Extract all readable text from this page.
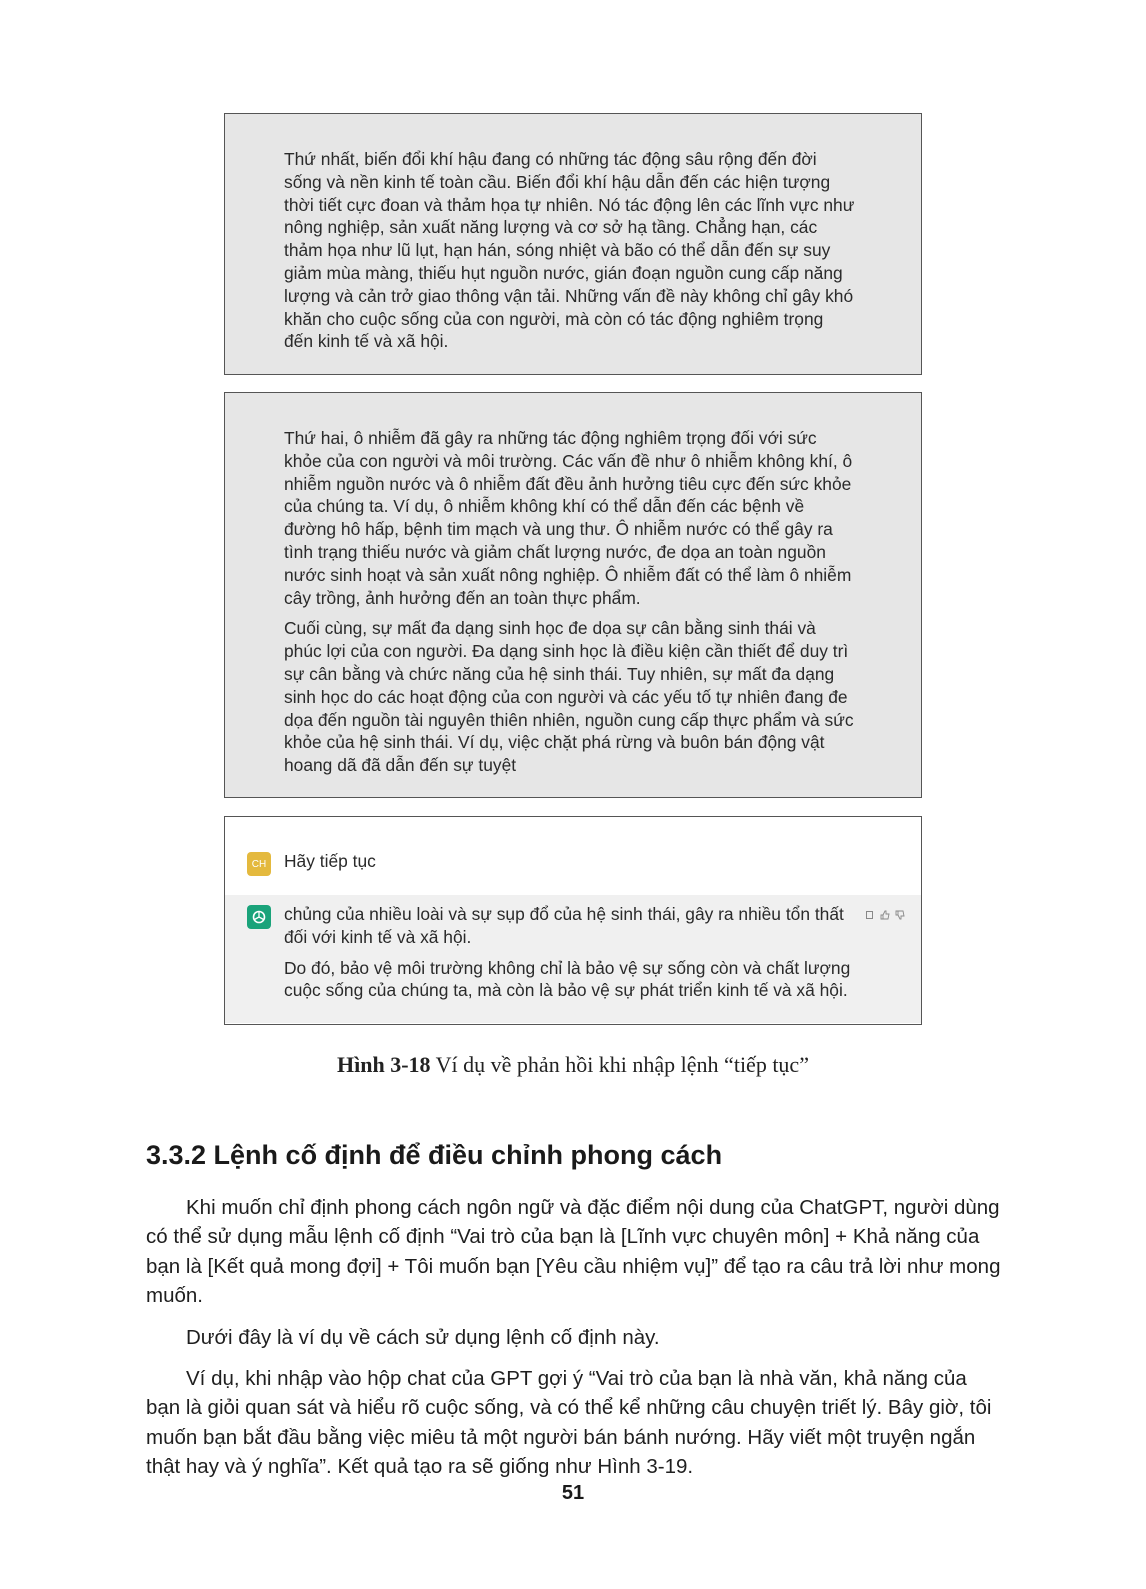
Thứ nhất, biến đổi khí hậu đang có những tác động sâu rộng đến đời sống và nền kinh tế toàn cầu. Biến đổi khí hậu dẫn đến các hiện tượng thời tiết cực đoan và thảm họa tự nhiên. Nó tác động lên các lĩnh vực như nông nghiệp, sản xuất năng lượng và cơ sở hạ tầng. Chẳng hạn, các thảm họa như lũ lụt, hạn hán, sóng nhiệt và bão có thể dẫn đến sự suy giảm mùa màng, thiếu hụt nguồn nước, gián đoạn nguồn cung cấp năng lượng và cản trở giao thông vận tải. Những vấn đề này không chỉ gây khó khăn cho cuộc sống của con người, mà còn có tác động nghiêm trọng đến kinh tế và xã hội.

Thứ hai, ô nhiễm đã gây ra những tác động nghiêm trọng đối với sức khỏe của con người và môi trường. Các vấn đề như ô nhiễm không khí, ô nhiễm nguồn nước và ô nhiễm đất đều ảnh hưởng tiêu cực đến sức khỏe của chúng ta. Ví dụ, ô nhiễm không khí có thể dẫn đến các bệnh về đường hô hấp, bệnh tim mạch và ung thư. Ô nhiễm nước có thể gây ra tình trạng thiếu nước và giảm chất lượng nước, đe dọa an toàn nguồn nước sinh hoạt và sản xuất nông nghiệp. Ô nhiễm đất có thể làm ô nhiễm cây trồng, ảnh hưởng đến an toàn thực phẩm.

Cuối cùng, sự mất đa dạng sinh học đe dọa sự cân bằng sinh thái và phúc lợi của con người. Đa dạng sinh học là điều kiện cần thiết để duy trì sự cân bằng và chức năng của hệ sinh thái. Tuy nhiên, sự mất đa dạng sinh học do các hoạt động của con người và các yếu tố tự nhiên đang đe dọa đến nguồn tài nguyên thiên nhiên, nguồn cung cấp thực phẩm và sức khỏe của hệ sinh thái. Ví dụ, việc chặt phá rừng và buôn bán động vật hoang dã đã dẫn đến sự tuyệt

CH Hãy tiếp tục

chủng của nhiều loài và sự sụp đổ của hệ sinh thái, gây ra nhiều tổn thất đối với kinh tế và xã hội.

Do đó, bảo vệ môi trường không chỉ là bảo vệ sự sống còn và chất lượng cuộc sống của chúng ta, mà còn là bảo vệ sự phát triển kinh tế và xã hội.

Hình 3-18 Ví dụ về phản hồi khi nhập lệnh “tiếp tục”
3.3.2 Lệnh cố định để điều chỉnh phong cách

Khi muốn chỉ định phong cách ngôn ngữ và đặc điểm nội dung của ChatGPT, người dùng có thể sử dụng mẫu lệnh cố định “Vai trò của bạn là [Lĩnh vực chuyên môn] + Khả năng của bạn là [Kết quả mong đợi] + Tôi muốn bạn [Yêu cầu nhiệm vụ]” để tạo ra câu trả lời như mong muốn.

Dưới đây là ví dụ về cách sử dụng lệnh cố định này.

Ví dụ, khi nhập vào hộp chat của GPT gợi ý “Vai trò của bạn là nhà văn, khả năng của bạn là giỏi quan sát và hiểu rõ cuộc sống, và có thể kể những câu chuyện triết lý. Bây giờ, tôi muốn bạn bắt đầu bằng việc miêu tả một người bán bánh nướng. Hãy viết một truyện ngắn thật hay và ý nghĩa”. Kết quả tạo ra sẽ giống như Hình 3-19.

51
